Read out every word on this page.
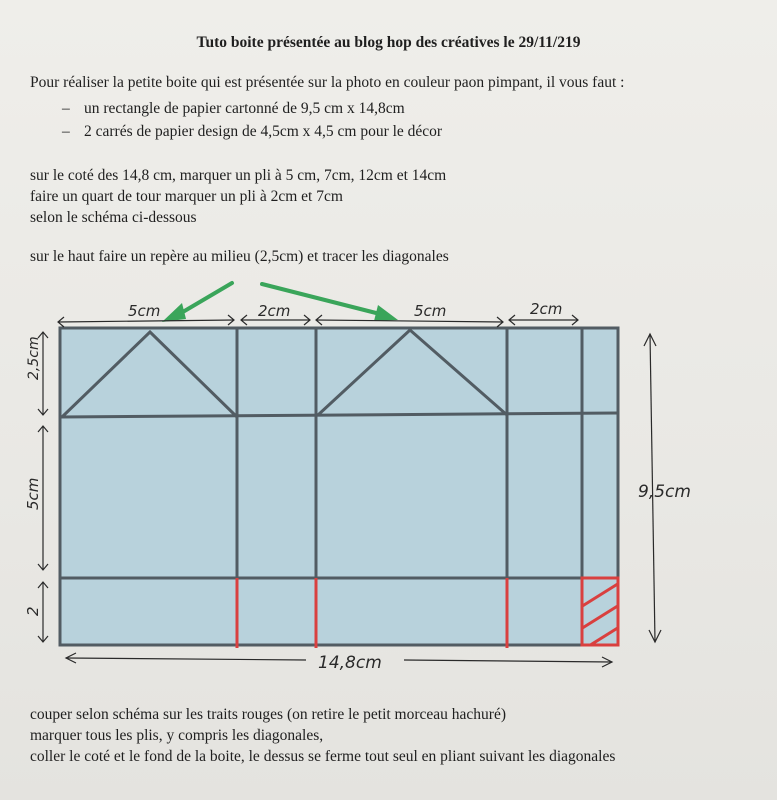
Tuto boite présentée au blog hop des créatives le 29/11/219
Pour réaliser la petite boite qui est présentée sur la photo en couleur paon pimpant, il vous faut :
– un rectangle de papier cartonné de 9,5 cm x 14,8cm
– 2 carrés de papier design de 4,5cm x 4,5 cm pour le décor
sur le coté des 14,8 cm, marquer un pli à 5 cm, 7cm, 12cm et 14cm
faire un quart de tour marquer un pli à 2cm et 7cm
selon le schéma ci-dessous
sur le haut faire un repère au milieu (2,5cm) et tracer les diagonales
5cm	2cm	5cm	2cm
2,5cm
5cm
2
9,5cm
14,8cm
couper selon schéma sur les traits rouges (on retire le petit morceau hachuré)
marquer tous les plis, y compris les diagonales,
coller le coté et le fond de la boite, le dessus se ferme tout seul en pliant suivant les diagonales
